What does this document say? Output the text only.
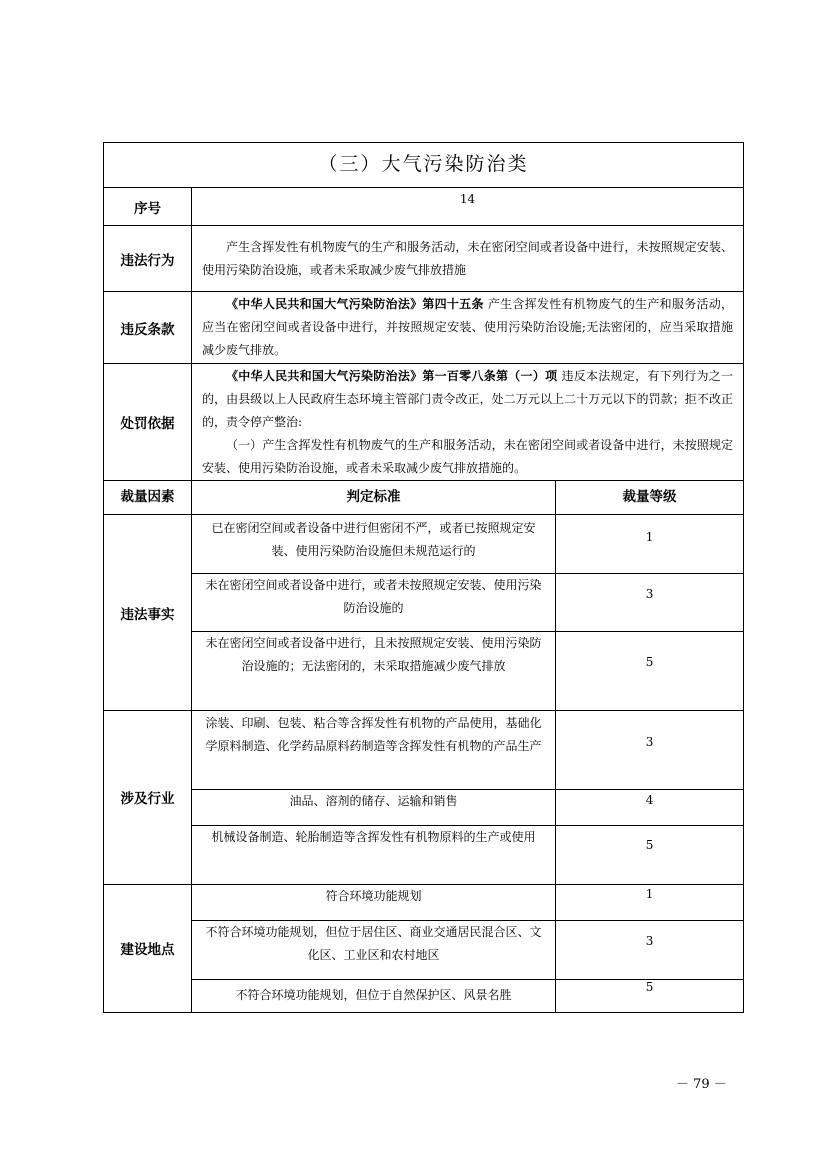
（三）大气污染防治类		
序号	14	
违法行为	产生含挥发性有机物废气的生产和服务活动，未在密闭空间或者设备中进行，未按照规定安装、使用污染防治设施，或者未采取减少废气排放措施	

违反条款	《中华人民共和国大气污染防治法》第四十五条 产生含挥发性有机物废气的生产和服务活动，应当在密闭空间或者设备中进行，并按照规定安装、使用污染防治设施;无法密闭的，应当采取措施减少废气排放。	

处罚依据	《中华人民共和国大气污染防治法》第一百零八条第（一）项 违反本法规定，有下列行为之一的，由县级以上人民政府生态环境主管部门责令改正，处二万元以上二十万元以下的罚款；拒不改正的，责令停产整治:

（一）产生含挥发性有机物废气的生产和服务活动，未在密闭空间或者设备中进行，未按照规定安装、使用污染防治设施，或者未采取减少废气排放措施的。	

裁量因素	判定标准	裁量等级
违法事实	已在密闭空间或者设备中进行但密闭不严，或者已按照规定安装、使用污染防治设施但未规范运行的	1
	未在密闭空间或者设备中进行，或者未按照规定安装、使用污染防治设施的	3
	未在密闭空间或者设备中进行，且未按照规定安装、使用污染防治设施的；无法密闭的，未采取措施减少废气排放	5
涉及行业	涂装、印刷、包装、粘合等含挥发性有机物的产品使用，基础化学原料制造、化学药品原料药制造等含挥发性有机物的产品生产	3
	油品、溶剂的储存、运输和销售	4
	机械设备制造、轮胎制造等含挥发性有机物原料的生产或使用	5
建设地点	符合环境功能规划	1
	不符合环境功能规划，但位于居住区、商业交通居民混合区、文化区、工业区和农村地区	3
	不符合环境功能规划，但位于自然保护区、风景名胜	5
－ 79 －
